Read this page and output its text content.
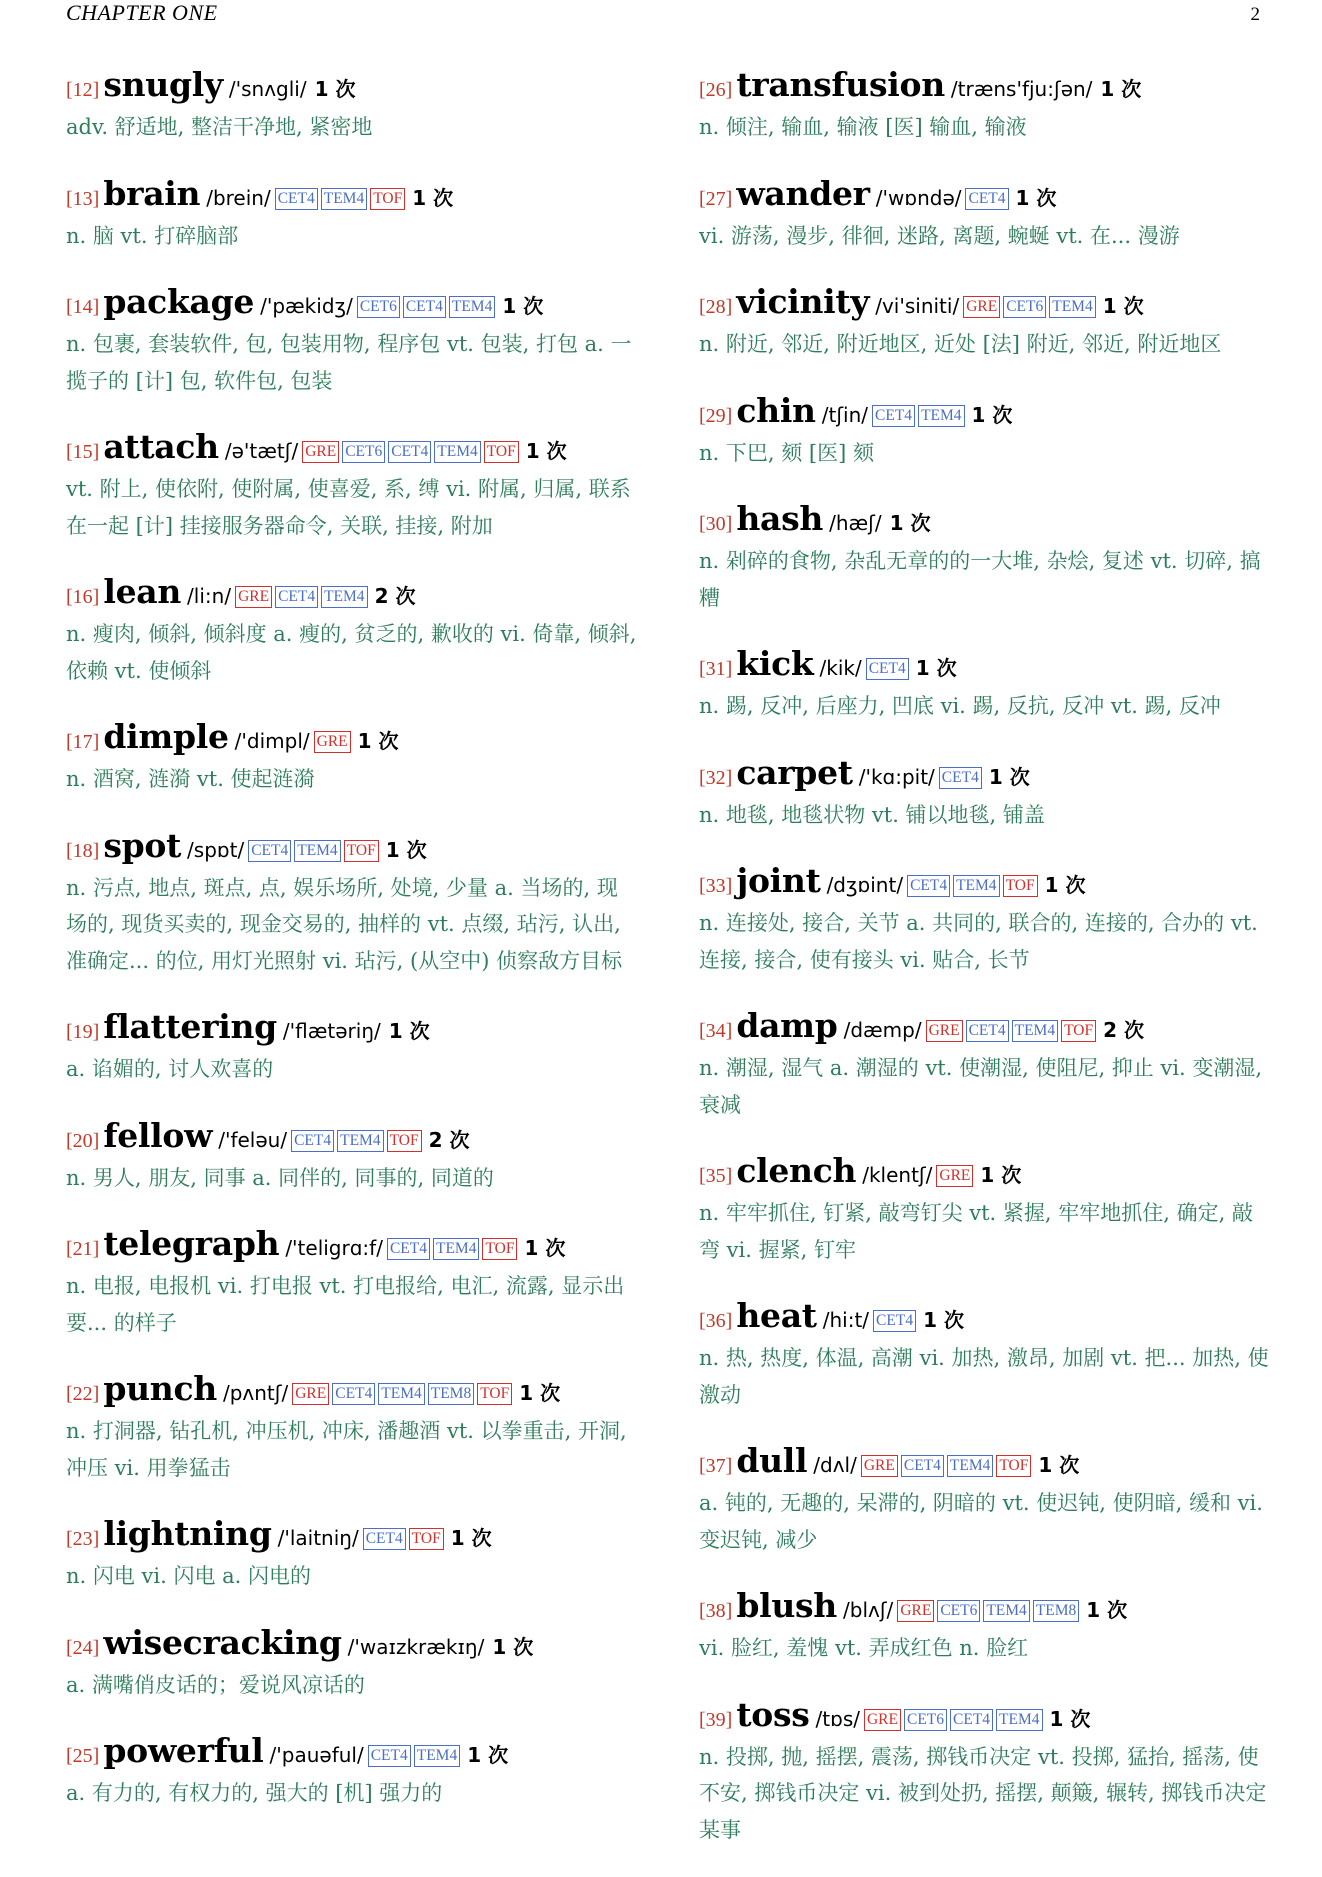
CHAPTER ONE	2
[12] snugly /'snʌgli/ 1 次
adv. 舒适地, 整洁干净地, 紧密地
[13] brain /brein/ CET4 TEM4 TOF 1 次
n. 脑 vt. 打碎脑部
[14] package /'pækidʒ/ CET6 CET4 TEM4 1 次
n. 包裹, 套装软件, 包, 包装用物, 程序包 vt. 包装, 打包 a. 一揽子的 [计] 包, 软件包, 包装
[15] attach /ə'tætʃ/ GRE CET6 CET4 TEM4 TOF 1 次
vt. 附上, 使依附, 使附属, 使喜爱, 系, 缚 vi. 附属, 归属, 联系在一起 [计] 挂接服务器命令, 关联, 挂接, 附加
[16] lean /li:n/ GRE CET4 TEM4 2 次
n. 瘦肉, 倾斜, 倾斜度 a. 瘦的, 贫乏的, 歉收的 vi. 倚靠, 倾斜, 依赖 vt. 使倾斜
[17] dimple /'dimpl/ GRE 1 次
n. 酒窝, 涟漪 vt. 使起涟漪
[18] spot /spɒt/ CET4 TEM4 TOF 1 次
n. 污点, 地点, 斑点, 点, 娱乐场所, 处境, 少量 a. 当场的, 现场的, 现货买卖的, 现金交易的, 抽样的 vt. 点缀, 玷污, 认出, 准确定... 的位, 用灯光照射 vi. 玷污, (从空中) 侦察敌方目标
[19] flattering /'flætəriŋ/ 1 次
a. 谄媚的, 讨人欢喜的
[20] fellow /'feləu/ CET4 TEM4 TOF 2 次
n. 男人, 朋友, 同事 a. 同伴的, 同事的, 同道的
[21] telegraph /'teligrɑ:f/ CET4 TEM4 TOF 1 次
n. 电报, 电报机 vi. 打电报 vt. 打电报给, 电汇, 流露, 显示出要... 的样子
[22] punch /pʌntʃ/ GRE CET4 TEM4 TEM8 TOF 1 次
n. 打洞器, 钻孔机, 冲压机, 冲床, 潘趣酒 vt. 以拳重击, 开洞, 冲压 vi. 用拳猛击
[23] lightning /'laitniŋ/ CET4 TOF 1 次
n. 闪电 vi. 闪电 a. 闪电的
[24] wisecracking /'waɪzkrækɪŋ/ 1 次
a. 满嘴俏皮话的；爱说风凉话的
[25] powerful /'pauəful/ CET4 TEM4 1 次
a. 有力的, 有权力的, 强大的 [机] 强力的
[26] transfusion /træns'fju:ʃən/ 1 次
n. 倾注, 输血, 输液 [医] 输血, 输液
[27] wander /'wɒndə/ CET4 1 次
vi. 游荡, 漫步, 徘徊, 迷路, 离题, 蜿蜒 vt. 在... 漫游
[28] vicinity /vi'siniti/ GRE CET6 TEM4 1 次
n. 附近, 邻近, 附近地区, 近处 [法] 附近, 邻近, 附近地区
[29] chin /tʃin/ CET4 TEM4 1 次
n. 下巴, 颏 [医] 颏
[30] hash /hæʃ/ 1 次
n. 剁碎的食物, 杂乱无章的的一大堆, 杂烩, 复述 vt. 切碎, 搞糟
[31] kick /kik/ CET4 1 次
n. 踢, 反冲, 后座力, 凹底 vi. 踢, 反抗, 反冲 vt. 踢, 反冲
[32] carpet /'kɑ:pit/ CET4 1 次
n. 地毯, 地毯状物 vt. 铺以地毯, 铺盖
[33] joint /dʒɒint/ CET4 TEM4 TOF 1 次
n. 连接处, 接合, 关节 a. 共同的, 联合的, 连接的, 合办的 vt. 连接, 接合, 使有接头 vi. 贴合, 长节
[34] damp /dæmp/ GRE CET4 TEM4 TOF 2 次
n. 潮湿, 湿气 a. 潮湿的 vt. 使潮湿, 使阻尼, 抑止 vi. 变潮湿, 衰减
[35] clench /klentʃ/ GRE 1 次
n. 牢牢抓住, 钉紧, 敲弯钉尖 vt. 紧握, 牢牢地抓住, 确定, 敲弯 vi. 握紧, 钉牢
[36] heat /hi:t/ CET4 1 次
n. 热, 热度, 体温, 高潮 vi. 加热, 激昂, 加剧 vt. 把... 加热, 使激动
[37] dull /dʌl/ GRE CET4 TEM4 TOF 1 次
a. 钝的, 无趣的, 呆滞的, 阴暗的 vt. 使迟钝, 使阴暗, 缓和 vi. 变迟钝, 减少
[38] blush /blʌʃ/ GRE CET6 TEM4 TEM8 1 次
vi. 脸红, 羞愧 vt. 弄成红色 n. 脸红
[39] toss /tɒs/ GRE CET6 CET4 TEM4 1 次
n. 投掷, 抛, 摇摆, 震荡, 掷钱币决定 vt. 投掷, 猛抬, 摇荡, 使不安, 掷钱币决定 vi. 被到处扔, 摇摆, 颠簸, 辗转, 掷钱币决定某事
